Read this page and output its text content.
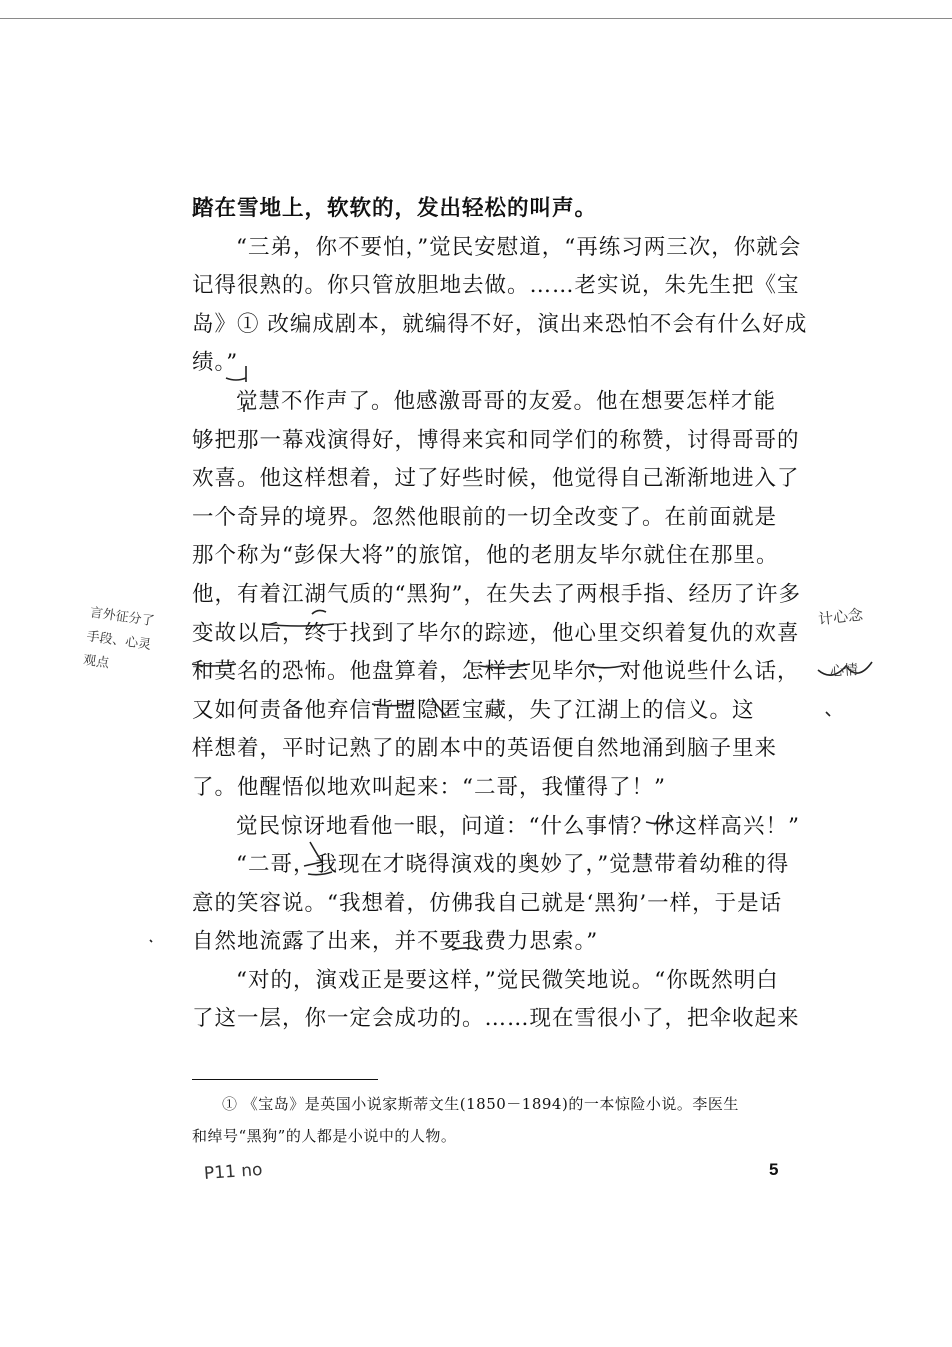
踏在雪地上，软软的，发出轻松的叫声。
“三弟，你不要怕，”觉民安慰道，“再练习两三次，你就会
记得很熟的。你只管放胆地去做。……老实说，朱先生把《宝
岛》① 改编成剧本，就编得不好，演出来恐怕不会有什么好成
绩。”
觉慧不作声了。他感激哥哥的友爱。他在想要怎样才能
够把那一幕戏演得好，博得来宾和同学们的称赞，讨得哥哥的
欢喜。他这样想着，过了好些时候，他觉得自己渐渐地进入了
一个奇异的境界。忽然他眼前的一切全改变了。在前面就是
那个称为“彭保大将”的旅馆，他的老朋友毕尔就住在那里。
他，有着江湖气质的“黑狗”，在失去了两根手指、经历了许多
变故以后，终于找到了毕尔的踪迹，他心里交织着复仇的欢喜
和莫名的恐怖。他盘算着，怎样去见毕尔，对他说些什么话，
又如何责备他弃信背盟隐匿宝藏，失了江湖上的信义。这
样想着，平时记熟了的剧本中的英语便自然地涌到脑子里来
了。他醒悟似地欢叫起来：“二哥，我懂得了！”
觉民惊讶地看他一眼，问道：“什么事情？你这样高兴！”
“二哥，我现在才晓得演戏的奥妙了，”觉慧带着幼稚的得
意的笑容说。“我想着，仿佛我自己就是‘黑狗’一样，于是话
自然地流露了出来，并不要我费力思索。”
“对的，演戏正是要这样，”觉民微笑地说。“你既然明白
了这一层，你一定会成功的。……现在雪很小了，把伞收起来
言外征分了
手段、心灵
观点
计心念
心情
① 《宝岛》是英国小说家斯蒂文生(1850－1894)的一本惊险小说。李医生
和绰号“黑狗”的人都是小说中的人物。
P11 no	5
